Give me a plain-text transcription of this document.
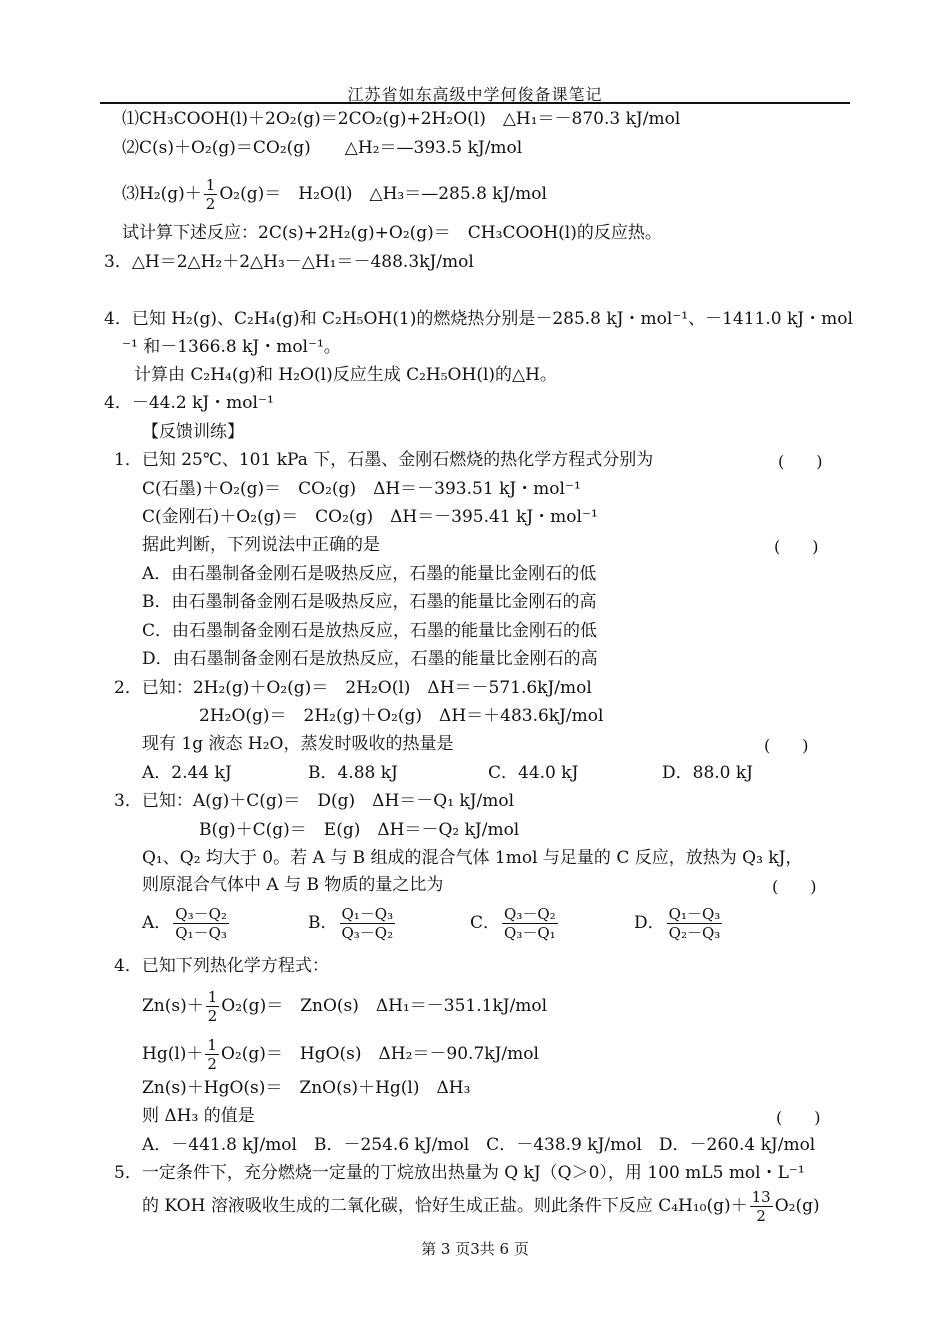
江苏省如东高级中学何俊备课笔记
⑴CH₃COOH(l)＋2O₂(g)＝2CO₂(g)+2H₂O(l)　△H₁＝－870.3 kJ/mol
⑵C(s)＋O₂(g)＝CO₂(g)　　△H₂＝—393.5 kJ/mol
⑶H₂(g)＋ $\frac{1}{2} O_2(g)=$　H₂O(l)　△H₃＝—285.8 kJ/mol
试计算下述反应：2C(s)+2H₂(g)+O₂(g)＝　CH₃COOH(l)的反应热。
3．△H＝2△H₂＋2△H₃－△H₁＝－488.3kJ/mol
4．已知 H₂(g)、C₂H₄(g)和 C₂H₅OH(1)的燃烧热分别是－285.8 kJ・mol⁻¹、－1411.0 kJ・mol
⁻¹ 和－1366.8 kJ・mol⁻¹。
计算由 C₂H₄(g)和 H₂O(l)反应生成 C₂H₅OH(l)的△H。
4．－44.2 kJ・mol⁻¹
【反馈训练】
1．已知 25℃、101 kPa 下，石墨、金刚石燃烧的热化学方程式分别为	(　　)
C(石墨)＋O₂(g)＝　CO₂(g)　ΔH＝－393.51 kJ・mol⁻¹
C(金刚石)＋O₂(g)＝　CO₂(g)　ΔH＝－395.41 kJ・mol⁻¹
据此判断，下列说法中正确的是	(　　)
A．由石墨制备金刚石是吸热反应，石墨的能量比金刚石的低
B．由石墨制备金刚石是吸热反应，石墨的能量比金刚石的高
C．由石墨制备金刚石是放热反应，石墨的能量比金刚石的低
D．由石墨制备金刚石是放热反应，石墨的能量比金刚石的高
2．已知：2H₂(g)＋O₂(g)＝　2H₂O(l)　ΔH＝－571.6kJ/mol
2H₂O(g)＝　2H₂(g)＋O₂(g)　ΔH＝＋483.6kJ/mol
现有 1g 液态 H₂O，蒸发时吸收的热量是	(　　)
A．2.44 kJ	B．4.88 kJ	C．44.0 kJ	D．88.0 kJ
3．已知：A(g)＋C(g)＝　D(g)　ΔH＝－Q₁ kJ/mol
B(g)＋C(g)＝　E(g)　ΔH＝－Q₂ kJ/mol
Q₁、Q₂ 均大于 0。若 A 与 B 组成的混合气体 1mol 与足量的 C 反应，放热为 Q₃ kJ，
则原混合气体中 A 与 B 物质的量之比为	(　　)
A． $\frac{\text{Q₃－Q₂}}{\text{Q₁－Q₃}}$	B． $\frac{\text{Q₁－Q₃}}{\text{Q₃－Q₂}}$	C． $\frac{\text{Q₃－Q₂}}{\text{Q₃－Q₁}}$	D． $\frac{\text{Q₁－Q₃}}{\text{Q₂－Q₃}}$
4．已知下列热化学方程式：
$Zn(s)+ \frac{1}{2} O_2(g)=$　ZnO(s)　ΔH₁＝－351.1kJ/mol
$Hg(l)+ \frac{1}{2} O_2(g)=$　HgO(s)　ΔH₂＝－90.7kJ/mol
Zn(s)＋HgO(s)＝　ZnO(s)＋Hg(l)　ΔH₃
则 ΔH₃ 的值是	(　　)
A．－441.8 kJ/mol　B．－254.6 kJ/mol　C．－438.9 kJ/mol　D．－260.4 kJ/mol
5．一定条件下，充分燃烧一定量的丁烷放出热量为 Q kJ（Q＞0），用 100 mL5 mol・L⁻¹
的 KOH 溶液吸收生成的二氧化碳，恰好生成正盐。则此条件下反应 $C_4H_{10}(g)+ \frac{13}{2} O_2(g)$
第 3 页3共 6 页
